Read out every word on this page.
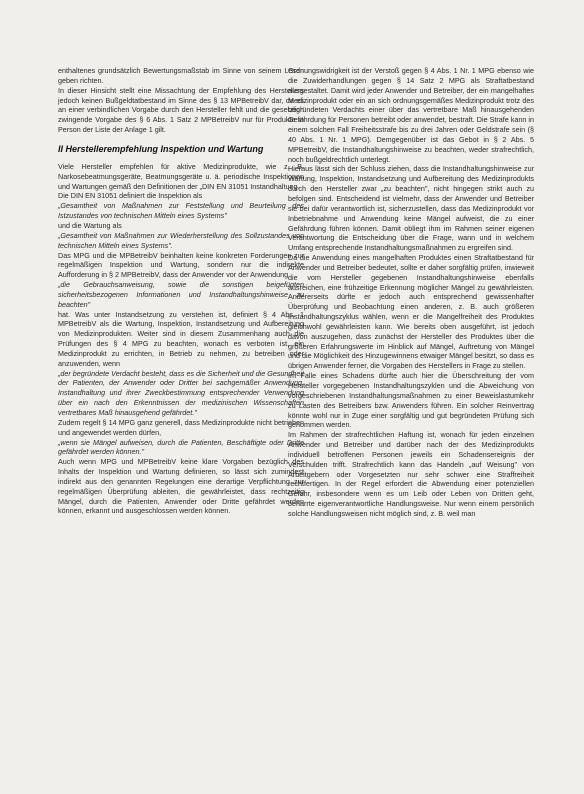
enthaltenes grundsätzlich Bewertungsmaßstab im Sinne von seinem Lesen geben richten.

In dieser Hinsicht stellt eine Missachtung der Empfehlung des Herstellers jedoch keinen Bußgeldtatbestand im Sinne des § 13 MPBetreibV dar, da es an einer verbindlichen Vorgabe durch den Hersteller fehlt und die gesetzlich zwingende Vorgabe des § 6 Abs. 1 Satz 2 MPBetreibV nur für Produkte in Person der Liste der Anlage 1 gilt.

II Herstellerempfehlung Inspektion und Wartung

Viele Hersteller empfehlen für aktive Medizinprodukte, wie z. B. Narkosebeatmungsgeräte, Beatmungsgeräte u. ä. periodische Inspektionen und Wartungen gemäß den Definitionen der „DIN EN 31051 Instandhaltung.

Die DIN EN 31051 definiert die Inspektion als

„Gesamtheit von Maßnahmen zur Feststellung und Beurteilung des Istzustandes von technischen Mitteln eines Systems"

und die Wartung als

„Gesamtheit von Maßnahmen zur Wiederherstellung des Sollzustandes von technischen Mitteln eines Systems".

Das MPG und die MPBetreibV beinhalten keine konkreten Forderungen zur regelmäßigen Inspektion und Wartung, sondern nur die indirekte Aufforderung in § 2 MPBetreibV, dass der Anwender vor der Anwendung

„die Gebrauchsanweisung, sowie die sonstigen beigefügten sicherheitsbezogenen Informationen und Instandhaltungshinweise zu beachten"

hat. Was unter Instandsetzung zu verstehen ist, definiert § 4 Abs. 1 MPBetreibV als die Wartung, Inspektion, Instandsetzung und Aufbereitung von Medizinprodukten. Weiter sind in diesem Zusammenhang auch die Prüfungen des § 4 MPG zu beachten, wonach es verboten ist, ein Medizinprodukt zu errichten, in Betrieb zu nehmen, zu betreiben oder anzuwenden, wenn

„der begründete Verdacht besteht, dass es die Sicherheit und die Gesundheit der Patienten, der Anwender oder Dritter bei sachgemäßer Anwendung, Instandhaltung und ihrer Zweckbestimmung entsprechender Verwendung über ein nach den Erkenntnissen der medizinischen Wissenschaften vertretbares Maß hinausgehend gefährdet."

Zudem regelt § 14 MPG ganz generell, dass Medizinprodukte nicht betrieben und angewendet werden dürfen,

„wenn sie Mängel aufweisen, durch die Patienten, Beschäftigte oder Dritte gefährdet werden können."

Auch wenn MPG und MPBetreibV keine klare Vorgaben bezüglich des Inhalts der Inspektion und Wartung definieren, so lässt sich zumindest indirekt aus den genannten Regelungen eine derartige Verpflichtung zur regelmäßigen Überprüfung ableiten, die gewährleistet, dass rechtzeitig Mängel, durch die Patienten, Anwender oder Dritte gefährdet werden können, erkannt und ausgeschlossen werden können.

Ordnungswidrigkeit ist der Verstoß gegen § 4 Abs. 1 Nr. 1 MPG ebenso wie die Zuwiderhandlungen gegen § 14 Satz 2 MPG als Straftatbestand ausgestaltet. Damit wird jeder Anwender und Betreiber, der ein mangelhaftes Medizinprodukt oder ein an sich ordnungsgemäßes Medizinprodukt trotz des begründeten Verdachts einer über das vertretbare Maß hinausgehenden Gefährdung für Personen betreibt oder anwendet, bestraft. Die Strafe kann in einem solchen Fall Freiheitsstrafe bis zu drei Jahren oder Geldstrafe sein (§ 40 Abs. 1 Nr. 1 MPG). Demgegenüber ist das Gebot in § 2 Abs. 5 MPBetreibV, die Instandhaltungshinweise zu beachten, weder strafrechtlich, noch bußgeldrechtlich unterlegt.

Hieraus lässt sich der Schluss ziehen, dass die Instandhaltungshinweise zur Wartung, Inspektion, Instandsetzung und Aufbereitung des Medizinprodukts durch den Hersteller zwar „zu beachten", nicht hingegen strikt auch zu befolgen sind. Entscheidend ist vielmehr, dass der Anwender und Betreiber sie bei dafür verantwortlich ist, sicherzustellen, dass das Medizinprodukt vor Inbetriebnahme und Anwendung keine Mängel aufweist, die zu einer Gefährdung führen können. Damit obliegt ihm im Rahmen seiner eigenen Verantwortung die Entscheidung über die Frage, wann und in welchem Umfang entsprechende Instandhaltungsmaßnahmen zu ergreifen sind.

Da die Anwendung eines mangelhaften Produktes einen Straftatbestand für Anwender und Betreiber bedeutet, sollte er daher sorgfältig prüfen, inwieweit die vom Hersteller gegebenen Instandhaltungshinweise ebenfalls ausreichen, eine frühzeitige Erkennung möglicher Mängel zu gewährleisten. Andererseits dürfte er jedoch auch entsprechend gewissenhafter Überprüfung und Beobachtung einen anderen, z. B. auch größeren Instandhaltungszyklus wählen, wenn er die Mangelfreiheit des Produktes gleichwohl gewährleisten kann. Wie bereits oben ausgeführt, ist jedoch davon auszugehen, dass zunächst der Hersteller des Produktes über die größeren Erfahrungswerte im Hinblick auf Mängel, Auftretung von Mängel und die Möglichkeit des Hinzugewinnens etwaiger Mängel besitzt, so dass es übrigen Anwender ferner, die Vorgaben des Herstellers in Frage zu stellen.

Im Falle eines Schadens dürfte auch hier die Überschreitung der vom Hersteller vorgegebenen Instandhaltungszyklen und die Abweichung von vorgeschriebenen Instandhaltungsmaßnahmen zu einer Beweislastumkehr zu Lasten des Betreibers bzw. Anwenders führen. Ein solcher Reinvertrag könnte wohl nur in Zuge einer sorgfältig und gut begründeten Prüfung sich genommen werden.

Im Rahmen der strafrechtlichen Haftung ist, wonach für jeden einzelnen Anwender und Betreiber und darüber nach der des Medizinprodukts individuell betroffenen Personen jeweils ein Schadensereignis der Verschulden trifft. Strafrechtlich kann das Handeln „auf Weisung" von Arbeitgebern oder Vorgesetzten nur sehr schwer eine Straffreiheit rechtfertigen. In der Regel erfordert die Abwendung einer potenziellen Gefahr, insbesondere wenn es um Leib oder Leben von Dritten geht, beharrte eigenverantwortliche Handlungsweise. Nur wenn einem persönlich solche Handlungsweisen nicht möglich sind, z. B. weil man
